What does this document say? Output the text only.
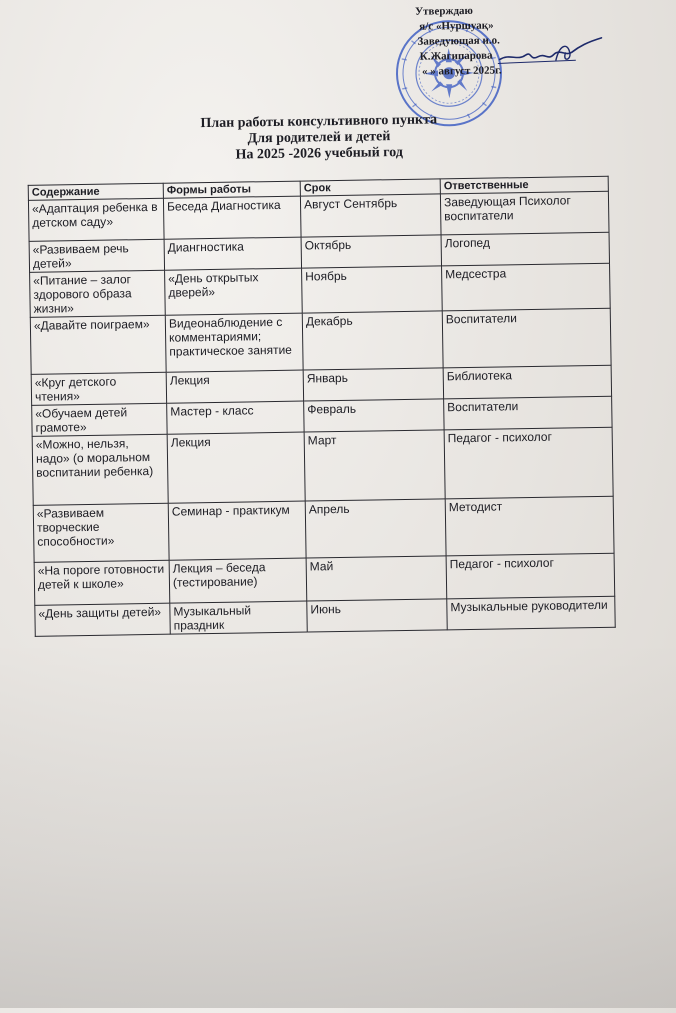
Утверждаю
я/с «Нуршуақ»
Заведующая и.о.
К.Жагипарова
« » август 2025г.
План работы консультивного пункта
Для родителей и детей
На 2025 -2026 учебный год
Содержание	Формы работы	Срок	Ответственные
«Адаптация ребенка в детском саду»	Беседа Диагностика	Август Сентябрь	Заведующая Психолог воспитатели
«Развиваем речь детей»	Диангностика	Октябрь	Логопед
«Питание – залог здорового образа жизни»	«День открытых дверей»	Ноябрь	Медсестра
«Давайте поиграем»	Видеонаблюдение с комментариями; практическое занятие	Декабрь	Воспитатели
«Круг детского чтения»	Лекция	Январь	Библиотека
«Обучаем детей грамоте»	Мастер - класс	Февраль	Воспитатели
«Можно, нельзя, надо» (о моральном воспитании ребенка)	Лекция	Март	Педагог - психолог
«Развиваем творческие способности»	Семинар - практикум	Апрель	Методист
«На пороге готовности детей к школе»	Лекция – беседа (тестирование)	Май	Педагог - психолог
«День защиты детей»	Музыкальный праздник	Июнь	Музыкальные руководители
